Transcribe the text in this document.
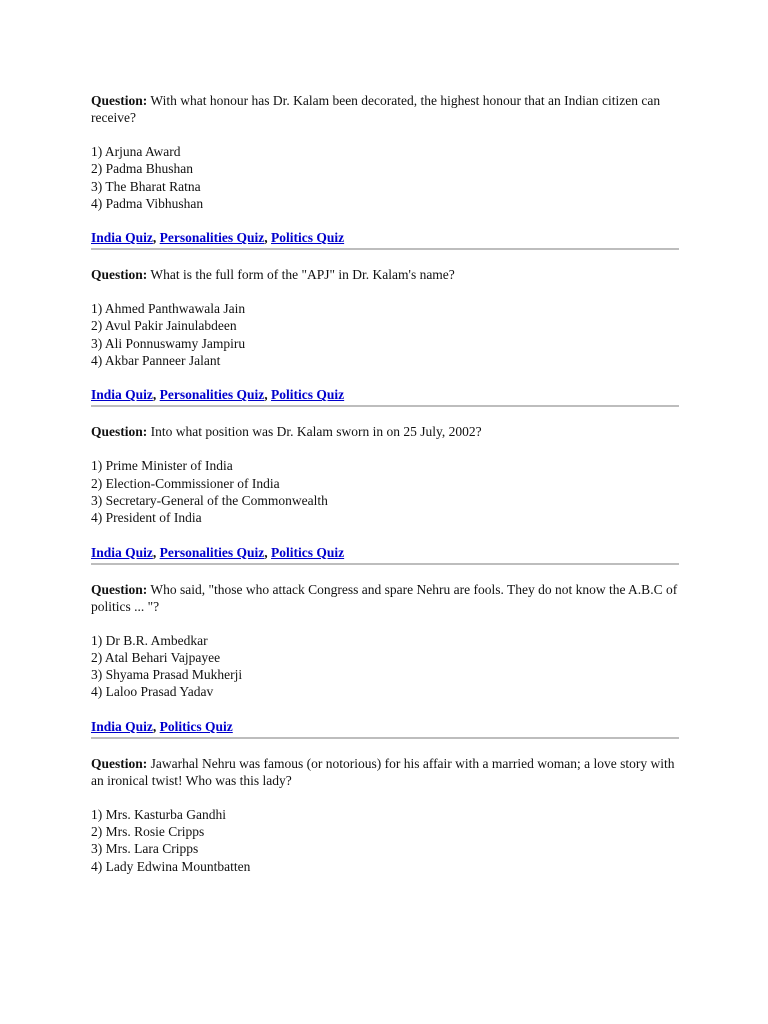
Question: With what honour has Dr. Kalam been decorated, the highest honour that an Indian citizen can receive?

1) Arjuna Award
2) Padma Bhushan
3) The Bharat Ratna
4) Padma Vibhushan
India Quiz, Personalities Quiz, Politics Quiz

Question: What is the full form of the "APJ" in Dr. Kalam's name?

1) Ahmed Panthwawala Jain
2) Avul Pakir Jainulabdeen
3) Ali Ponnuswamy Jampiru
4) Akbar Panneer Jalant
India Quiz, Personalities Quiz, Politics Quiz

Question: Into what position was Dr. Kalam sworn in on 25 July, 2002?

1) Prime Minister of India
2) Election-Commissioner of India
3) Secretary-General of the Commonwealth
4) President of India
India Quiz, Personalities Quiz, Politics Quiz

Question: Who said, "those who attack Congress and spare Nehru are fools. They do not know the A.B.C of politics ... "?

1) Dr B.R. Ambedkar
2) Atal Behari Vajpayee
3) Shyama Prasad Mukherji
4) Laloo Prasad Yadav
India Quiz, Politics Quiz

Question: Jawarhal Nehru was famous (or notorious) for his affair with a married woman; a love story with an ironical twist! Who was this lady?

1) Mrs. Kasturba Gandhi
2) Mrs. Rosie Cripps
3) Mrs. Lara Cripps
4) Lady Edwina Mountbatten
